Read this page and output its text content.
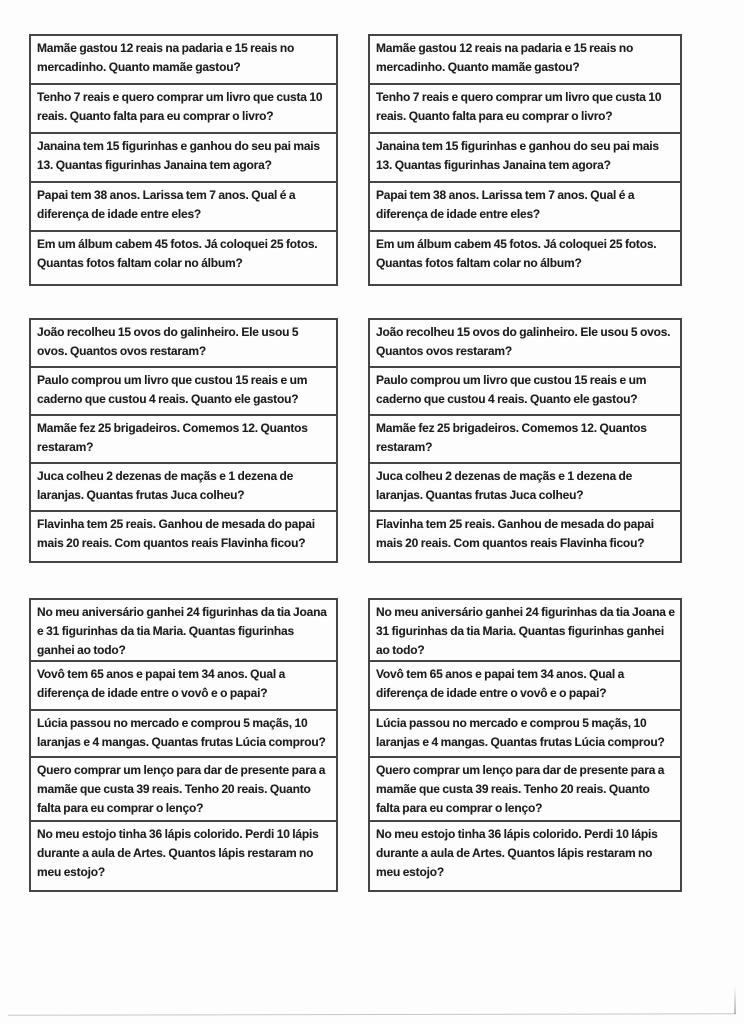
Mamãe gastou 12 reais na padaria e 15 reais no mercadinho. Quanto mamãe gastou?
Tenho 7 reais e quero comprar um livro que custa 10 reais. Quanto falta para eu comprar o livro?
Janaina tem 15 figurinhas e ganhou do seu pai mais 13. Quantas figurinhas Janaina tem agora?
Papai tem 38 anos. Larissa tem 7 anos. Qual é a diferença de idade entre eles?
Em um álbum cabem 45 fotos. Já coloquei 25 fotos. Quantas fotos faltam colar no álbum?
Mamãe gastou 12 reais na padaria e 15 reais no mercadinho. Quanto mamãe gastou?
Tenho 7 reais e quero comprar um livro que custa 10 reais. Quanto falta para eu comprar o livro?
Janaina tem 15 figurinhas e ganhou do seu pai mais 13. Quantas figurinhas Janaina tem agora?
Papai tem 38 anos. Larissa tem 7 anos. Qual é a diferença de idade entre eles?
Em um álbum cabem 45 fotos. Já coloquei 25 fotos. Quantas fotos faltam colar no álbum?
João recolheu 15 ovos do galinheiro. Ele usou 5 ovos. Quantos ovos restaram?
Paulo comprou um livro que custou 15 reais e um caderno que custou 4 reais. Quanto ele gastou?
Mamãe fez 25 brigadeiros. Comemos 12. Quantos restaram?
Juca colheu 2 dezenas de maçãs e 1 dezena de laranjas. Quantas frutas Juca colheu?
Flavinha tem 25 reais. Ganhou de mesada do papai mais 20 reais. Com quantos reais Flavinha ficou?
João recolheu 15 ovos do galinheiro. Ele usou 5 ovos. Quantos ovos restaram?
Paulo comprou um livro que custou 15 reais e um caderno que custou 4 reais. Quanto ele gastou?
Mamãe fez 25 brigadeiros. Comemos 12. Quantos restaram?
Juca colheu 2 dezenas de maçãs e 1 dezena de laranjas. Quantas frutas Juca colheu?
Flavinha tem 25 reais. Ganhou de mesada do papai mais 20 reais. Com quantos reais Flavinha ficou?
No meu aniversário ganhei 24 figurinhas da tia Joana e 31 figurinhas da tia Maria. Quantas figurinhas ganhei ao todo?
Vovô tem 65 anos e papai tem 34 anos. Qual a diferença de idade entre o vovô e o papai?
Lúcia passou no mercado e comprou 5 maçãs, 10 laranjas e 4 mangas. Quantas frutas Lúcia comprou?
Quero comprar um lenço para dar de presente para a mamãe que custa 39 reais. Tenho 20 reais. Quanto falta para eu comprar o lenço?
No meu estojo tinha 36 lápis colorido. Perdi 10 lápis durante a aula de Artes. Quantos lápis restaram no meu estojo?
No meu aniversário ganhei 24 figurinhas da tia Joana e 31 figurinhas da tia Maria. Quantas figurinhas ganhei ao todo?
Vovô tem 65 anos e papai tem 34 anos. Qual a diferença de idade entre o vovô e o papai?
Lúcia passou no mercado e comprou 5 maçãs, 10 laranjas e 4 mangas. Quantas frutas Lúcia comprou?
Quero comprar um lenço para dar de presente para a mamãe que custa 39 reais. Tenho 20 reais. Quanto falta para eu comprar o lenço?
No meu estojo tinha 36 lápis colorido. Perdi 10 lápis durante a aula de Artes. Quantos lápis restaram no meu estojo?
